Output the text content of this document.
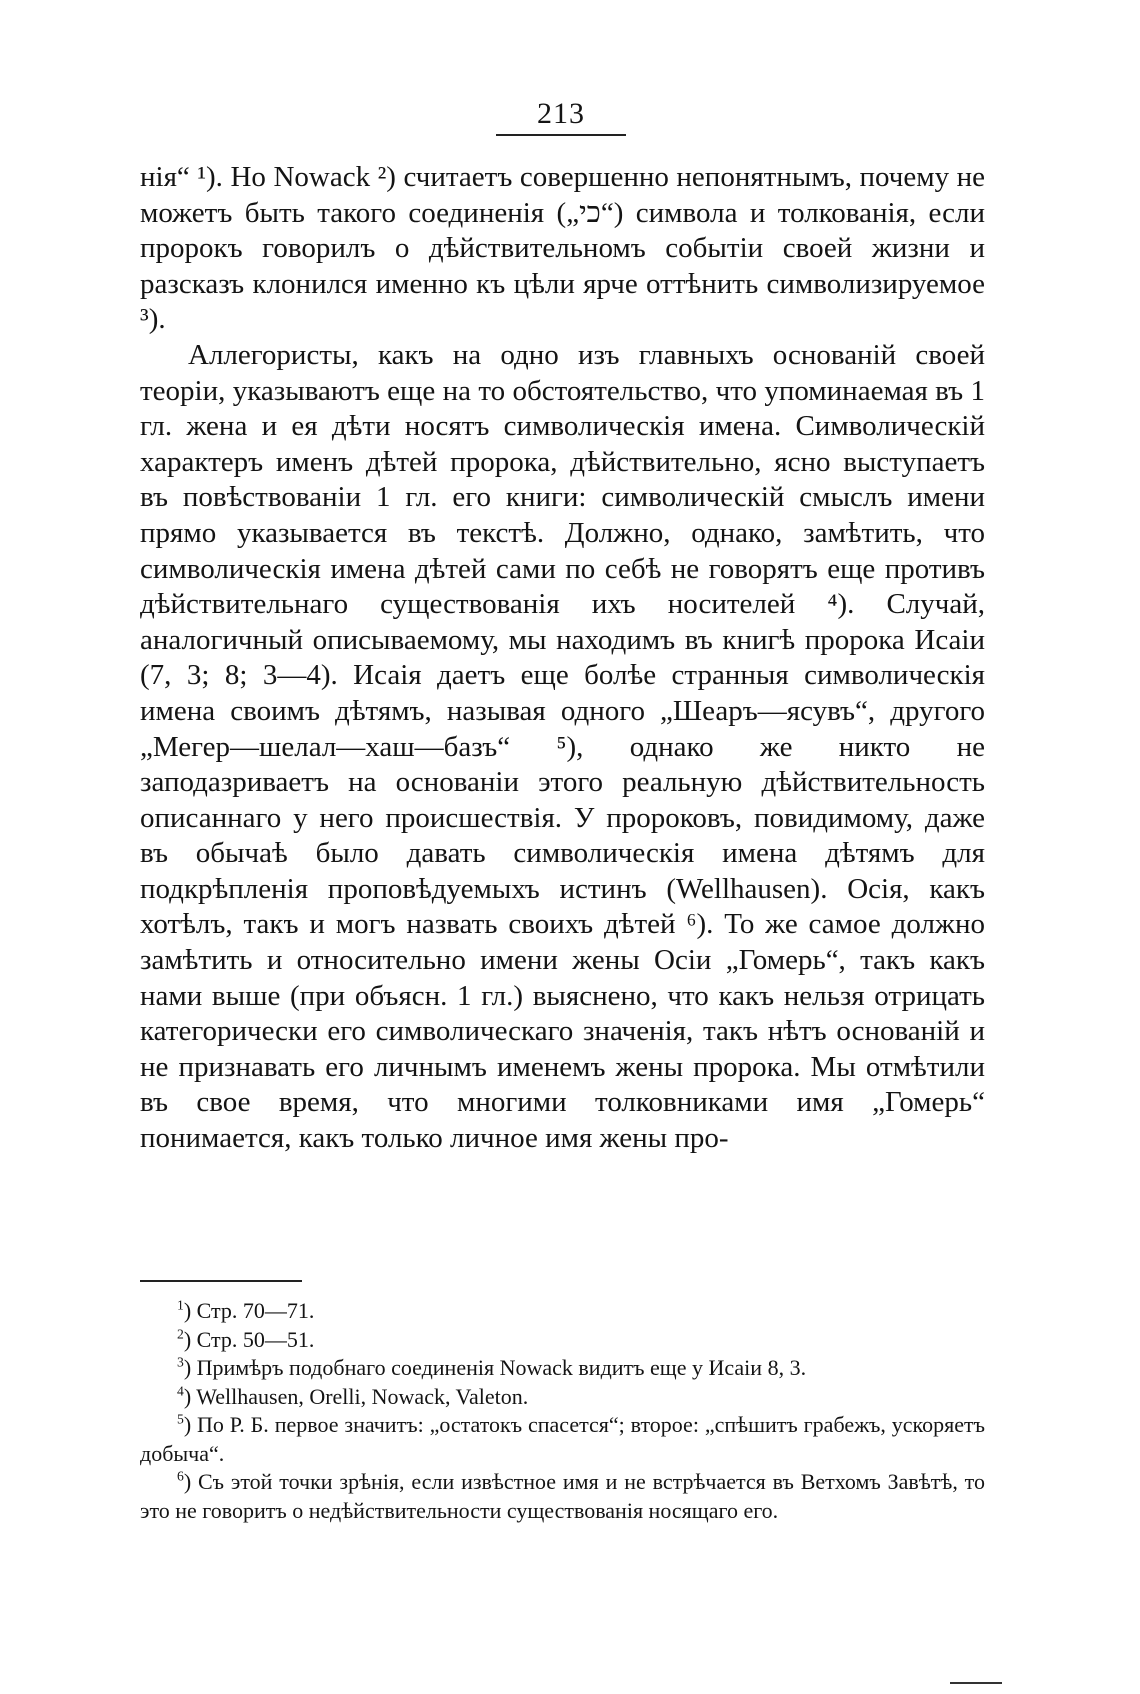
213

нія“ ¹). Но Nowack ²) считаетъ совершенно непонятнымъ, почему не можетъ быть такого соединенія („כי“) символа и толкованія, если пророкъ говорилъ о дѣйствительномъ событіи своей жизни и разсказъ клонился именно къ цѣли ярче оттѣнить символизируемое ³).

Аллегористы, какъ на одно изъ главныхъ основаній своей теоріи, указываютъ еще на то обстоятельство, что упоминаемая въ 1 гл. жена и ея дѣти носятъ символическія имена. Символическій характеръ именъ дѣтей пророка, дѣйствительно, ясно выступаетъ въ повѣствованіи 1 гл. его книги: символическій смыслъ имени прямо указывается въ текстѣ. Должно, однако, замѣтить, что символическія имена дѣтей сами по себѣ не говорятъ еще противъ дѣйствительнаго существованія ихъ носителей ⁴). Случай, аналогичный описываемому, мы находимъ въ книгѣ пророка Исаіи (7, 3; 8; 3—4). Исаія даетъ еще болѣе странныя символическія имена своимъ дѣтямъ, называя одного „Шеаръ—ясувъ“, другого „Мегер—шелал—хаш—базъ“ ⁵), однако же никто не заподазриваетъ на основаніи этого реальную дѣйствительность описаннаго у него происшествія. У пророковъ, повидимому, даже въ обычаѣ было давать символическія имена дѣтямъ для подкрѣпленія проповѣдуемыхъ истинъ (Wellhausen). Осія, какъ хотѣлъ, такъ и могъ назвать своихъ дѣтей ⁶). То же самое должно замѣтить и относительно имени жены Осіи „Гомерь“, такъ какъ нами выше (при объясн. 1 гл.) выяснено, что какъ нельзя отрицать категорически его символическаго значенія, такъ нѣтъ основаній и не признавать его личнымъ именемъ жены пророка. Мы отмѣтили въ свое время, что многими толковниками имя „Гомерь“ понимается, какъ только личное имя жены про-

$^1$) Стр. 70—71.

$^2$) Стр. 50—51.

$^3$) Примѣръ подобнаго соединенія Nowack видитъ еще у Исаіи 8, 3.

$^4$) Wellhausen, Orelli, Nowack, Valeton.

$^5$) По Р. Б. первое значитъ: „остатокъ спасется“; второе: „спѣшитъ грабежъ, ускоряетъ добыча“.

$^6$) Съ этой точки зрѣнія, если извѣстное имя и не встрѣчается въ Ветхомъ Завѣтѣ, то это не говоритъ о недѣйствительности существованія носящаго его.
